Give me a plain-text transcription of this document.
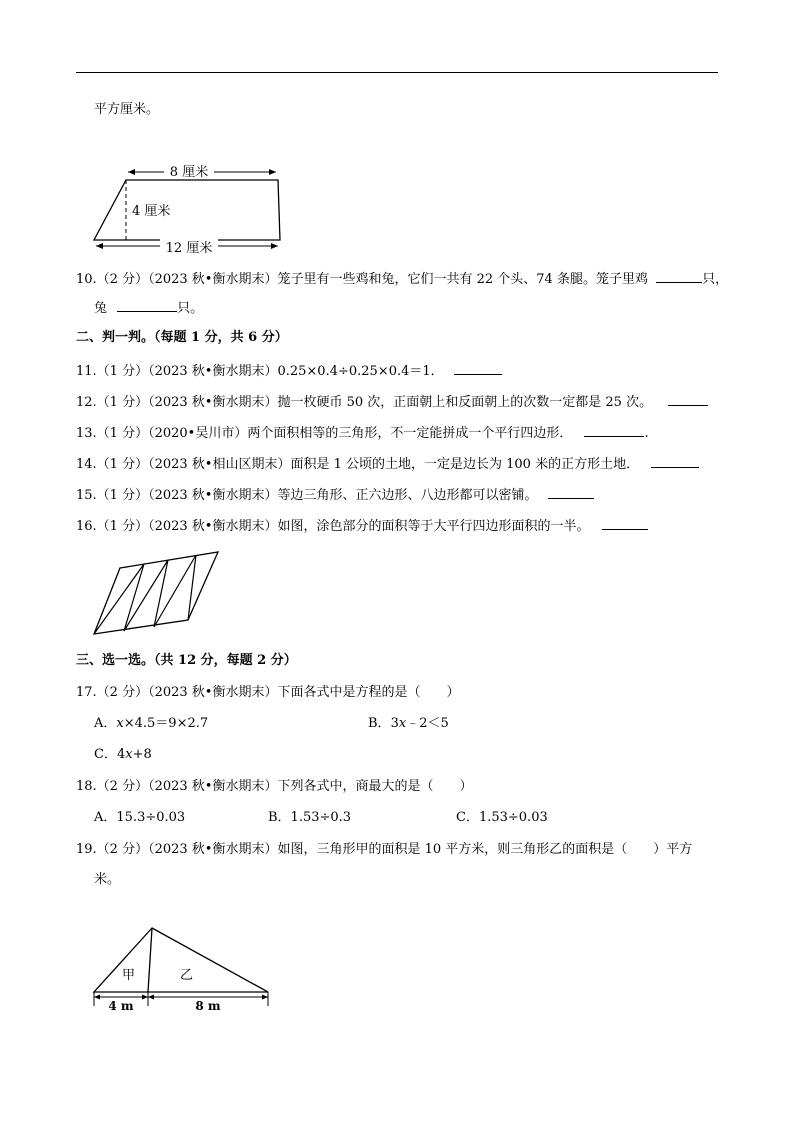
平方厘米。
8 厘米
4 厘米
12 厘米
10.（2 分）（2023 秋•衡水期末）笼子里有一些鸡和兔，它们一共有 22 个头、74 条腿。笼子里鸡	只，
兔	只。
二、判一判。（每题 1 分，共 6 分）
11.（1 分）（2023 秋•衡水期末）0.25×0.4÷0.25×0.4＝1．
12.（1 分）（2023 秋•衡水期末）抛一枚硬币 50 次，正面朝上和反面朝上的次数一定都是 25 次。
13.（1 分）（2020•吴川市）两个面积相等的三角形，不一定能拼成一个平行四边形．	.
14.（1 分）（2023 秋•相山区期末）面积是 1 公顷的土地，一定是边长为 100 米的正方形土地．
15.（1 分）（2023 秋•衡水期末）等边三角形、正六边形、八边形都可以密铺。
16.（1 分）（2023 秋•衡水期末）如图，涂色部分的面积等于大平行四边形面积的一半。
三、选一选。（共 12 分，每题 2 分）
17.（2 分）（2023 秋•衡水期末）下面各式中是方程的是（　　）
A．x×4.5＝9×2.7	B．3x﹣2＜5
C．4x+8
18.（2 分）（2023 秋•衡水期末）下列各式中，商最大的是（　　）
A．15.3÷0.03	B．1.53÷0.3	C．1.53÷0.03
19.（2 分）（2023 秋•衡水期末）如图，三角形甲的面积是 10 平方米，则三角形乙的面积是（　　）平方
米。
甲	乙
4 m	8 m
